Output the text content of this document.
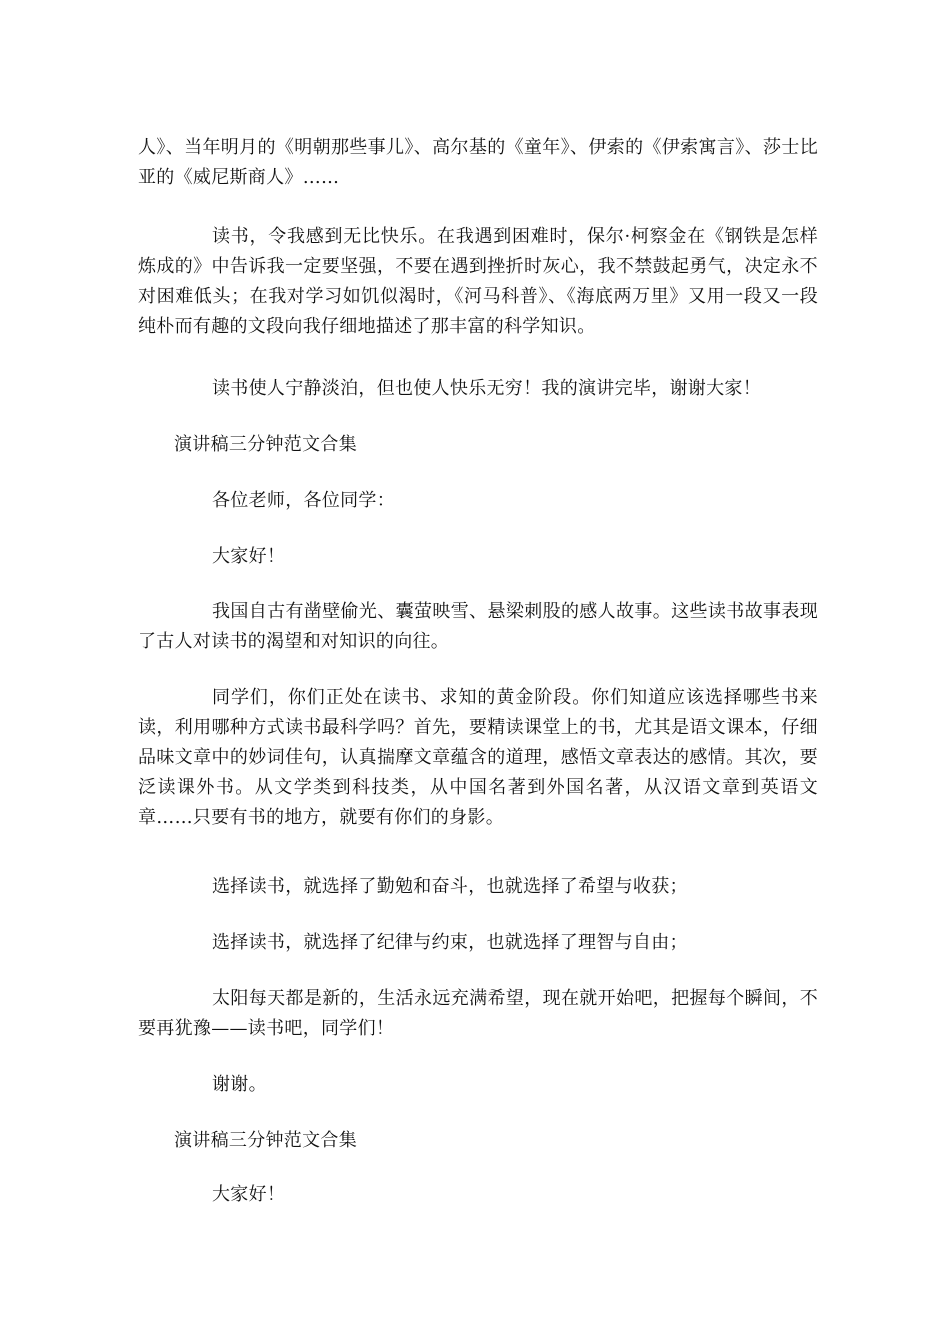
人》、当年明月的《明朝那些事儿》、高尔基的《童年》、伊索的《伊索寓言》、莎士比亚的《威尼斯商人》……

读书，令我感到无比快乐。在我遇到困难时，保尔·柯察金在《钢铁是怎样炼成的》中告诉我一定要坚强，不要在遇到挫折时灰心，我不禁鼓起勇气，决定永不对困难低头；在我对学习如饥似渴时，《河马科普》、《海底两万里》又用一段又一段纯朴而有趣的文段向我仔细地描述了那丰富的科学知识。

读书使人宁静淡泊，但也使人快乐无穷！我的演讲完毕，谢谢大家！

演讲稿三分钟范文合集

各位老师，各位同学：

大家好！

我国自古有凿壁偷光、囊萤映雪、悬梁刺股的感人故事。这些读书故事表现了古人对读书的渴望和对知识的向往。

同学们，你们正处在读书、求知的黄金阶段。你们知道应该选择哪些书来读，利用哪种方式读书最科学吗？首先，要精读课堂上的书，尤其是语文课本，仔细品味文章中的妙词佳句，认真揣摩文章蕴含的道理，感悟文章表达的感情。其次，要泛读课外书。从文学类到科技类，从中国名著到外国名著，从汉语文章到英语文章……只要有书的地方，就要有你们的身影。

选择读书，就选择了勤勉和奋斗，也就选择了希望与收获；

选择读书，就选择了纪律与约束，也就选择了理智与自由；

太阳每天都是新的，生活永远充满希望，现在就开始吧，把握每个瞬间，不要再犹豫——读书吧，同学们！

谢谢。

演讲稿三分钟范文合集

大家好！
